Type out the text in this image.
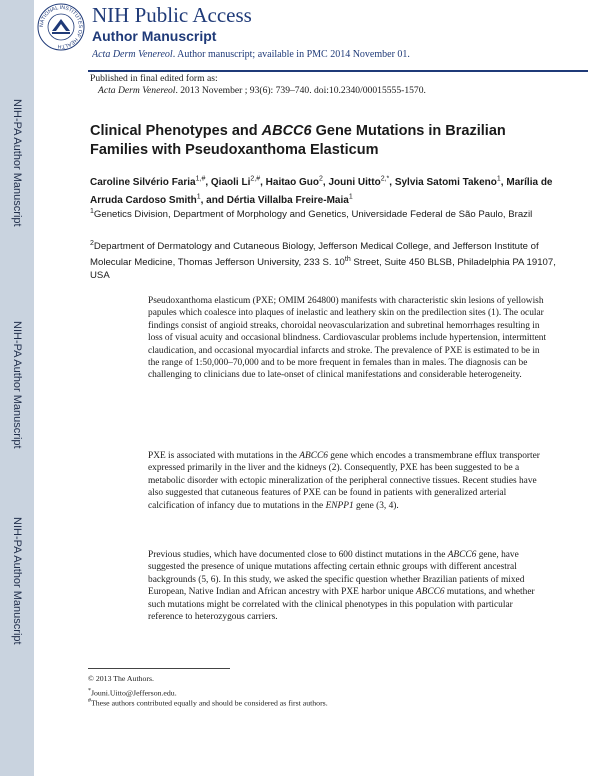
NIH-PA Author Manuscript
NIH-PA Author Manuscript
NIH-PA Author Manuscript
NATIONAL INSTITUTES OF HEALTH
NIH Public Access
Author Manuscript
Acta Derm Venereol. Author manuscript; available in PMC 2014 November 01.
Published in final edited form as:
Acta Derm Venereol. 2013 November ; 93(6): 739–740. doi:10.2340/00015555-1570.
Clinical Phenotypes and ABCC6 Gene Mutations in Brazilian Families with Pseudoxanthoma Elasticum
Caroline Silvério Faria$^{1,\#}$, Qiaoli $Li^{2,\#}$, Haitao Guo$^2$, Jouni Uitto$^{2,*}$, Sylvia Satomi Takeno$^1$, Marília de Arruda Cardoso Smith$^1$, and Dértia Villalba Freire-Maia$^1$
$^1$Genetics Division, Department of Morphology and Genetics, Universidade Federal de São Paulo, Brazil
$^2$Department of Dermatology and Cutaneous Biology, Jefferson Medical College, and Jefferson Institute of Molecular Medicine, Thomas Jefferson University, 233 S. 10th Street, Suite 450 BLSB, Philadelphia PA 19107, USA
Pseudoxanthoma elasticum (PXE; OMIM 264800) manifests with characteristic skin lesions of yellowish papules which coalesce into plaques of inelastic and leathery skin on the predilection sites (1). The ocular findings consist of angioid streaks, choroidal neovascularization and subretinal hemorrhages resulting in loss of visual acuity and occasional blindness. Cardiovascular problems include hypertension, intermittent claudication, and occasional myocardial infarcts and stroke. The prevalence of PXE is estimated to be in the range of 1:50,000–70,000 and to be more frequent in females than in males. The diagnosis can be challenging to clinicians due to late-onset of clinical manifestations and considerable heterogeneity.
PXE is associated with mutations in the ABCC6 gene which encodes a transmembrane efflux transporter expressed primarily in the liver and the kidneys (2). Consequently, PXE has been suggested to be a metabolic disorder with ectopic mineralization of the peripheral connective tissues. Recent studies have also suggested that cutaneous features of PXE can be found in patients with generalized arterial calcification of infancy due to mutations in the ENPP1 gene (3, 4).
Previous studies, which have documented close to 600 distinct mutations in the ABCC6 gene, have suggested the presence of unique mutations affecting certain ethnic groups with different ancestral backgrounds (5, 6). In this study, we asked the specific question whether Brazilian patients of mixed European, Native Indian and African ancestry with PXE harbor unique ABCC6 mutations, and whether such mutations might be correlated with the clinical phenotypes in this population with particular reference to heterozygous carriers.
© 2013 The Authors.
*Jouni.Uitto@Jefferson.edu.
#These authors contributed equally and should be considered as first authors.
